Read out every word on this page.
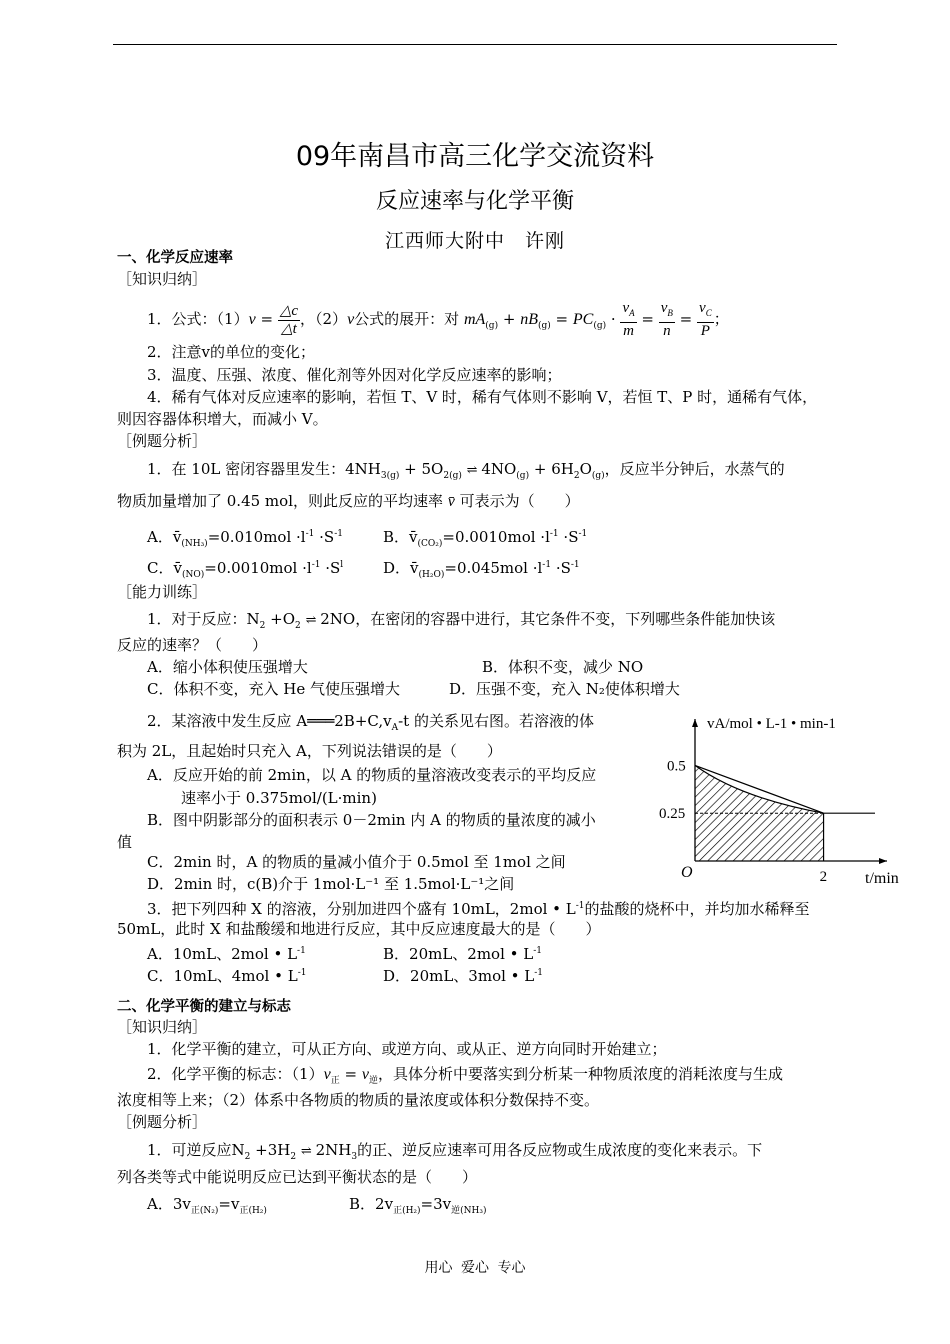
09年南昌市高三化学交流资料
反应速率与化学平衡
江西师大附中　许刚
一、化学反应速率
［知识归纳］
1．公式：$(1)v = \frac{\triangle c}{\triangle t}$ ，（2）v公式的展开：对 $mA_{(g)} + nB_{(g)} = PC_{(g)} \cdot \frac{v_A}{m} = \frac{v_B}{n} = \frac{v_C}{P}$ ；
2．注意v的单位的变化；
3．温度、压强、浓度、催化剂等外因对化学反应速率的影响；
4．稀有气体对反应速率的影响，若恒 T、V 时，稀有气体则不影响 V，若恒 T、P 时，通稀有气体，
则因容器体积增大，而减小 V。
［例题分析］
1．在 10L 密闭容器里发生：$4NH_{3(g)} + 5O_{2(g)}$ ⇌ $4NO_{(g)} + 6H_2O_{(g)}$，反应半分钟后，水蒸气的
物质加量增加了 0.45 mol，则此反应的平均速率 v̄ 可表示为（　　）
A．$v̄_{(NH_3)}=0.010mol \cdot l^{-1} \cdot S^{-1}$	B．$v̄_{(CO_2)}=0.0010mol \cdot l^{-1} \cdot S^{-1}$
C．$v̄_{(NO)}=0.0010mol \cdot l^{-1} \cdot S^l$	D．$v̄_{(H_2O)}=0.045mol \cdot l^{-1} \cdot S^{-1}$
［能力训练］
1．对于反应：$N_2 +O_2$ ⇌ 2NO，在密闭的容器中进行，其它条件不变，下列哪些条件能加快该
反应的速率？（　　）
A．缩小体积使压强增大	B．体积不变，减少 NO
C．体积不变，充入 He 气使压强增大	D．压强不变，充入 N₂使体积增大
2．某溶液中发生反应 $A═══2B+C,v_A-t$ 的关系见右图。若溶液的体
积为 2L，且起始时只充入 A，下列说法错误的是（　　）
A．反应开始的前 2min，以 A 的物质的量溶液改变表示的平均反应
速率小于 0.375mol/(L·min)
B．图中阴影部分的面积表示 0－2min 内 A 的物质的量浓度的减小
值
C．2min 时，A 的物质的量减小值介于 0.5mol 至 1mol 之间
D．2min 时，c(B)介于 1mol·L⁻¹ 至 1.5mol·L⁻¹之间
3．把下列四种 X 的溶液，分别加进四个盛有 10mL，2mol • $L^{-1}$的盐酸的烧杯中，并均加水稀释至
50mL，此时 X 和盐酸缓和地进行反应，其中反应速度最大的是（　　）
A．10mL、2mol • $L^{-1}$	B．20mL、2mol • $L^{-1}$
C．10mL、4mol • $L^{-1}$	D．20mL、3mol • $L^{-1}$
二、化学平衡的建立与标志
［知识归纳］
1．化学平衡的建立，可从正方向、或逆方向、或从正、逆方向同时开始建立；
2．化学平衡的标志：$(1)v_正 = v_逆$，具体分析中要落实到分析某一种物质浓度的消耗浓度与生成
浓度相等上来；（2）体系中各物质的物质的量浓度或体积分数保持不变。
［例题分析］
1．可逆反应$N_2 +3H_2$ ⇌ $2NH_3$的正、逆反应速率可用各反应物或生成浓度的变化来表示。下
列各类等式中能说明反应已达到平衡状态的是（　　）
A．$3v_{正(N_2)}=v_{正(H_2)}$	B．$2v_{正(H_2)}=3v_{逆(NH_3)}$
用心 爱心 专心
vA/mol • L-1 • min-1
t/min
O
0.5
0.25
2
